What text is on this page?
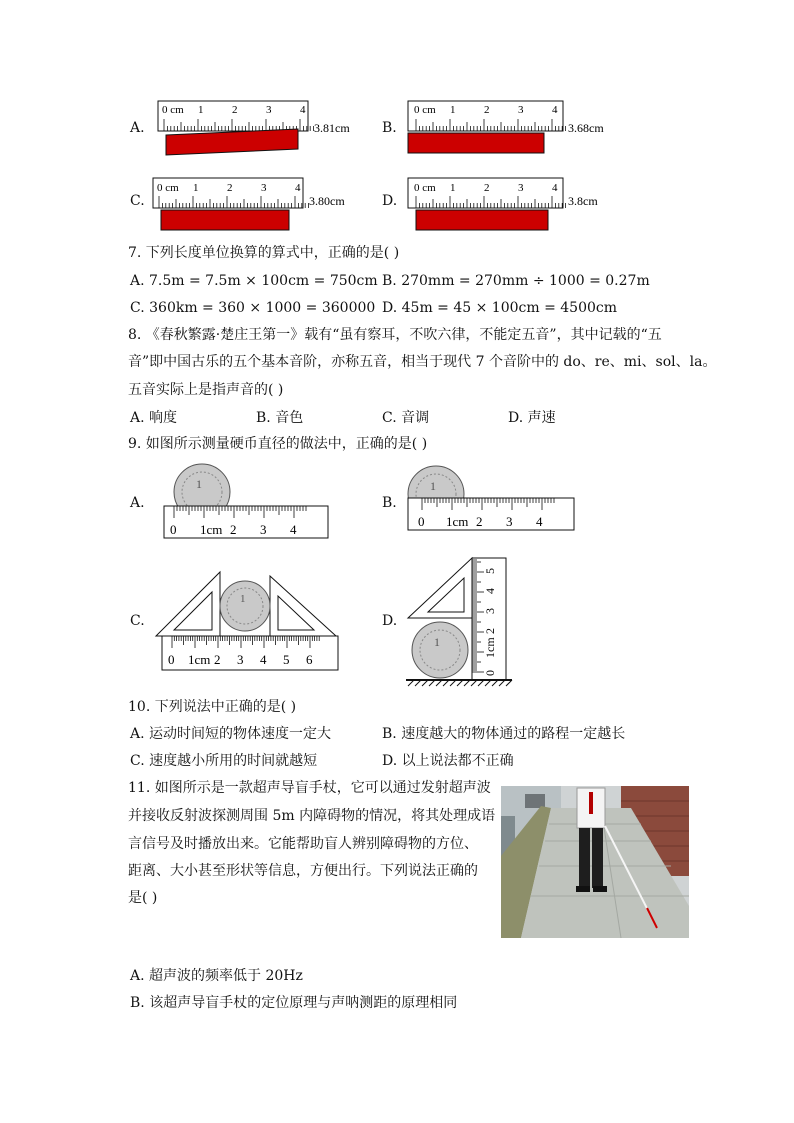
A.
0 cm 1	2	3	4
3.81cm B.
0 cm 1	2	3	4
3.68cm
C.
0 cm 1	2	3	4
3.80cm	D.
0 cm 1	2	3	4
3.8cm
7. 下列长度单位换算的算式中，正确的是( )
A. 7.5m = 7.5m × 100cm = 750cm B. 270mm = 270mm ÷ 1000 = 0.27m
C. 360km = 360 × 1000 = 360000 D. 45m = 45 × 100cm = 4500cm
8. 《春秋繁露·楚庄王第一》载有“虽有察耳，不吹六律，不能定五音”，其中记载的“五
音”即中国古乐的五个基本音阶，亦称五音，相当于现代 7 个音阶中的 do、re、mi、sol、la。
五音实际上是指声音的( )
A. 响度	B. 音色	C. 音调	D. 声速
9. 如图所示测量硬币直径的做法中，正确的是( )
A.
1
0 1cm 2 3 4
B.
1
0 1cm 2 3 4
C.
1
0 1cm 2 3 4 5 6
D.
1
0
1cm
2
3
4
5
10. 下列说法中正确的是( )
A. 运动时间短的物体速度一定大	B. 速度越大的物体通过的路程一定越长
C. 速度越小所用的时间就越短	D. 以上说法都不正确
11. 如图所示是一款超声导盲手杖，它可以通过发射超声波
并接收反射波探测周围 5m 内障碍物的情况，将其处理成语
言信号及时播放出来。它能帮助盲人辨别障碍物的方位、
距离、大小甚至形状等信息，方便出行。下列说法正确的
是( )
A. 超声波的频率低于 20Hz
B. 该超声导盲手杖的定位原理与声呐测距的原理相同
